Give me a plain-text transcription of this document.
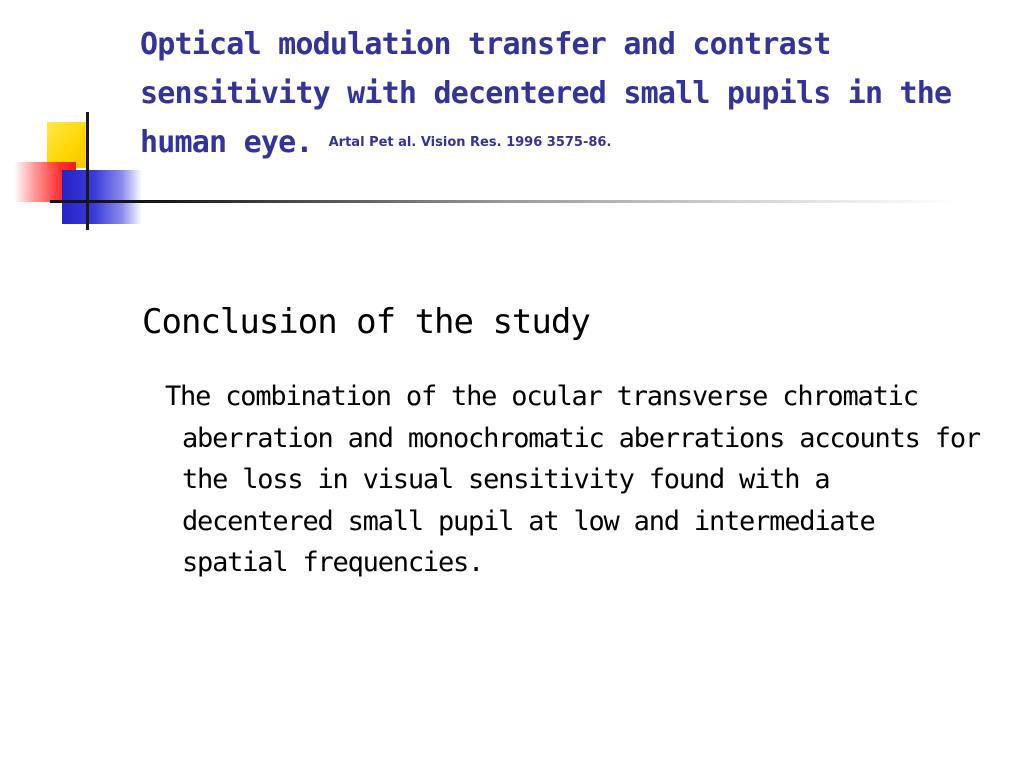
Optical modulation transfer and contrast sensitivity with decentered small pupils in the human eye. $^{Artal Pet al. Vision Res. 1996 3575-86.}$
Conclusion of the study

The combination of the ocular transverse chromatic aberration and monochromatic aberrations accounts for the loss in visual sensitivity found with a decentered small pupil at low and intermediate spatial frequencies.
